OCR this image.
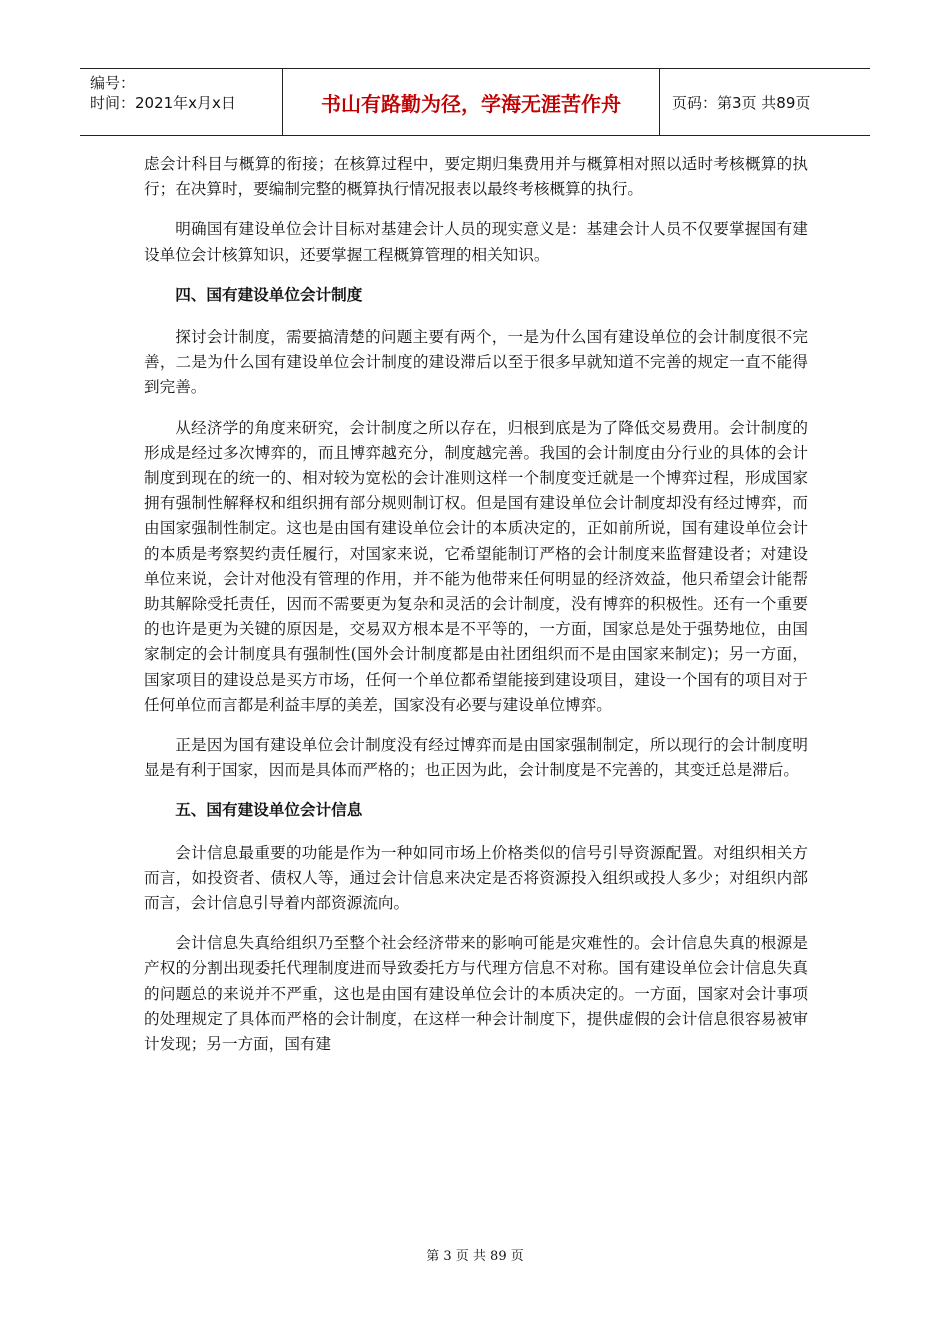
编号：
时间：2021年x月x日	书山有路勤为径，学海无涯苦作舟	页码：第3页 共89页

虑会计科目与概算的衔接；在核算过程中，要定期归集费用并与概算相对照以适时考核概算的执行；在决算时，要编制完整的概算执行情况报表以最终考核概算的执行。

明确国有建设单位会计目标对基建会计人员的现实意义是：基建会计人员不仅要掌握国有建设单位会计核算知识，还要掌握工程概算管理的相关知识。

四、国有建设单位会计制度

探讨会计制度，需要搞清楚的问题主要有两个，一是为什么国有建设单位的会计制度很不完善，二是为什么国有建设单位会计制度的建设滞后以至于很多早就知道不完善的规定一直不能得到完善。

从经济学的角度来研究，会计制度之所以存在，归根到底是为了降低交易费用。会计制度的形成是经过多次博弈的，而且博弈越充分，制度越完善。我国的会计制度由分行业的具体的会计制度到现在的统一的、相对较为宽松的会计准则这样一个制度变迁就是一个博弈过程，形成国家拥有强制性解释权和组织拥有部分规则制订权。但是国有建设单位会计制度却没有经过博弈，而由国家强制性制定。这也是由国有建设单位会计的本质决定的，正如前所说，国有建设单位会计的本质是考察契约责任履行，对国家来说，它希望能制订严格的会计制度来监督建设者；对建设单位来说，会计对他没有管理的作用，并不能为他带来任何明显的经济效益，他只希望会计能帮助其解除受托责任，因而不需要更为复杂和灵活的会计制度，没有博弈的积极性。还有一个重要的也许是更为关键的原因是，交易双方根本是不平等的，一方面，国家总是处于强势地位，由国家制定的会计制度具有强制性(国外会计制度都是由社团组织而不是由国家来制定)；另一方面，国家项目的建设总是买方市场，任何一个单位都希望能接到建设项目，建设一个国有的项目对于任何单位而言都是利益丰厚的美差，国家没有必要与建设单位博弈。

正是因为国有建设单位会计制度没有经过博弈而是由国家强制制定，所以现行的会计制度明显是有利于国家，因而是具体而严格的；也正因为此，会计制度是不完善的，其变迁总是滞后。

五、国有建设单位会计信息

会计信息最重要的功能是作为一种如同市场上价格类似的信号引导资源配置。对组织相关方而言，如投资者、债权人等，通过会计信息来决定是否将资源投入组织或投人多少；对组织内部而言，会计信息引导着内部资源流向。

会计信息失真给组织乃至整个社会经济带来的影响可能是灾难性的。会计信息失真的根源是产权的分割出现委托代理制度进而导致委托方与代理方信息不对称。国有建设单位会计信息失真的问题总的来说并不严重，这也是由国有建设单位会计的本质决定的。一方面，国家对会计事项的处理规定了具体而严格的会计制度，在这样一种会计制度下，提供虚假的会计信息很容易被审计发现；另一方面，国有建

第 3 页 共 89 页
